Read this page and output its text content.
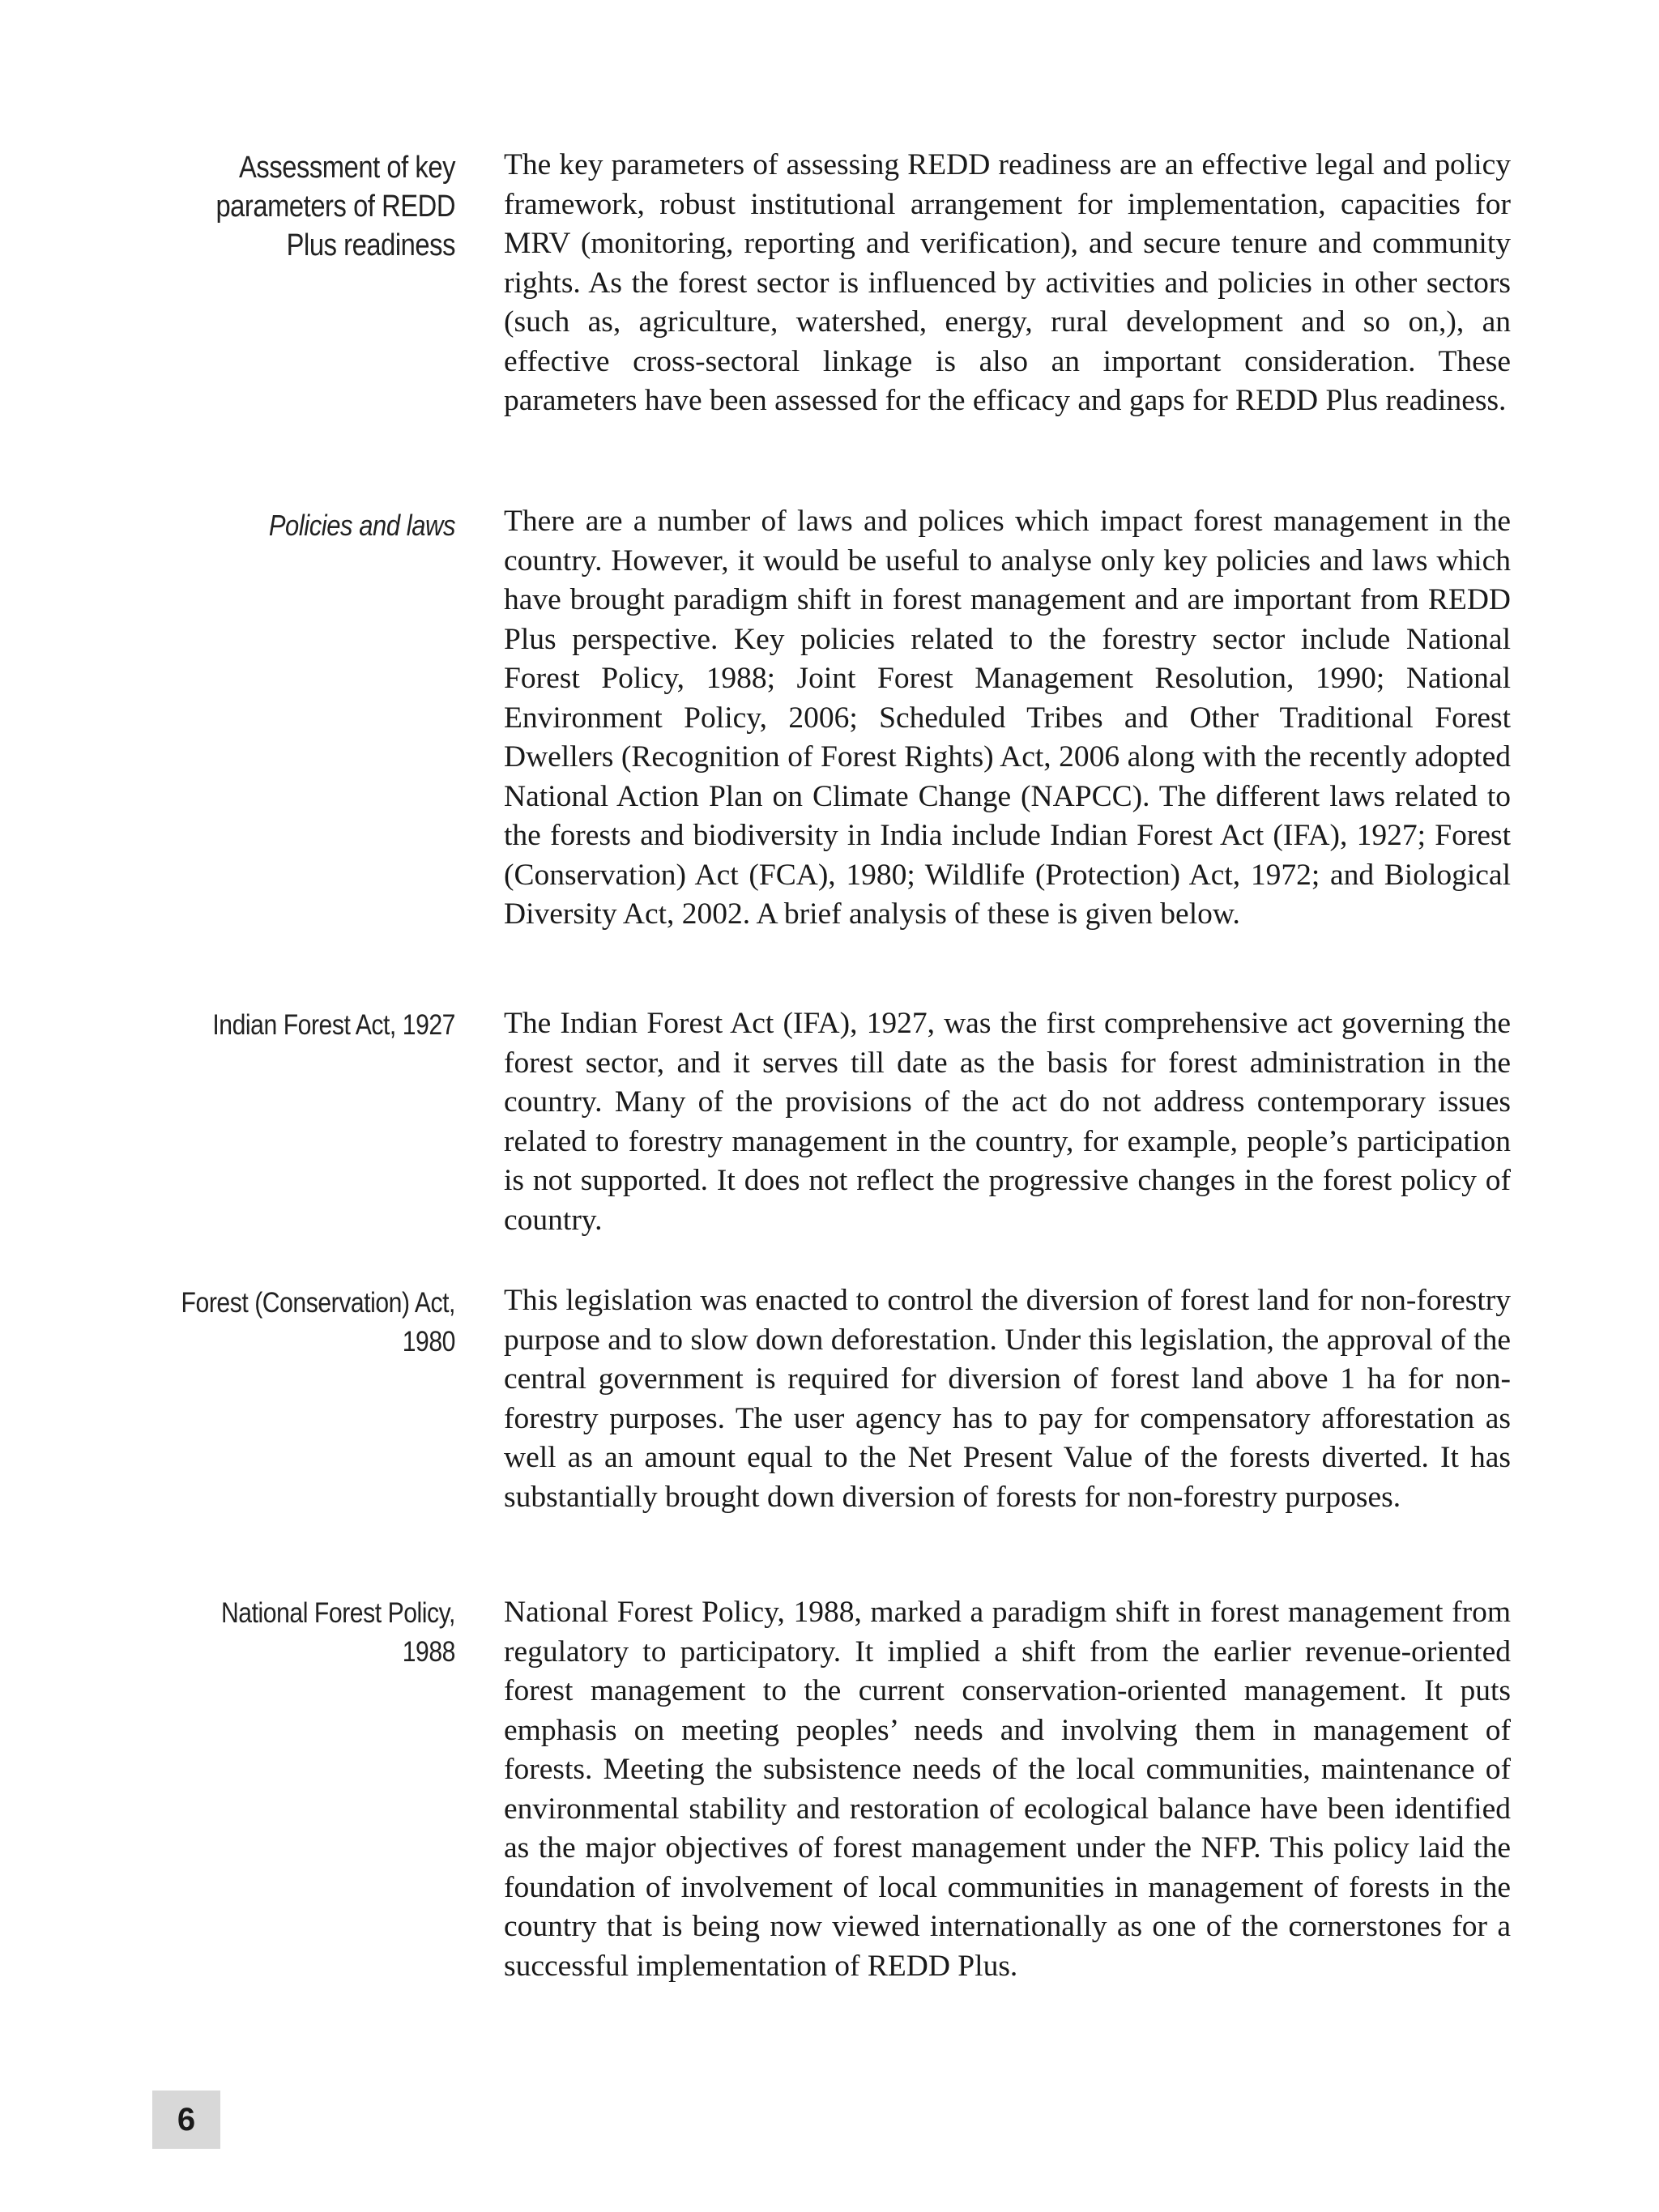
Assessment of key parameters of REDD Plus readiness

The key parameters of assessing REDD readiness are an effective legal and policy framework, robust institutional arrangement for implementation, capacities for MRV (monitoring, reporting and verification), and secure tenure and community rights. As the forest sector is influenced by activities and policies in other sectors (such as, agriculture, watershed, energy, rural development and so on,), an effective cross-sectoral linkage is also an important consideration. These parameters have been assessed for the efficacy and gaps for REDD Plus readiness.

Policies and laws There are a number of laws and polices which impact forest management in the country. However, it would be useful to analyse only key policies and laws which have brought paradigm shift in forest management and are important from REDD Plus perspective. Key policies related to the forestry sector include National Forest Policy, 1988; Joint Forest Management Resolution, 1990; National Environment Policy, 2006; Scheduled Tribes and Other Traditional Forest Dwellers (Recognition of Forest Rights) Act, 2006 along with the recently adopted National Action Plan on Climate Change (NAPCC). The different laws related to the forests and biodiversity in India include Indian Forest Act (IFA), 1927; Forest (Conservation) Act (FCA), 1980; Wildlife (Protection) Act, 1972; and Biological Diversity Act, 2002. A brief analysis of these is given below.

Indian Forest Act, 1927 The Indian Forest Act (IFA), 1927, was the first comprehensive act governing the forest sector, and it serves till date as the basis for forest administration in the country. Many of the provisions of the act do not address contemporary issues related to forestry management in the country, for example, people’s participation is not supported. It does not reflect the progressive changes in the forest policy of country.

Forest (Conservation) Act, 1980

This legislation was enacted to control the diversion of forest land for non-forestry purpose and to slow down deforestation. Under this legislation, the approval of the central government is required for diversion of forest land above 1 ha for non-forestry purposes. The user agency has to pay for compensatory afforestation as well as an amount equal to the Net Present Value of the forests diverted. It has substantially brought down diversion of forests for non-forestry purposes.

National Forest Policy, 1988

National Forest Policy, 1988, marked a paradigm shift in forest management from regulatory to participatory. It implied a shift from the earlier revenue-oriented forest management to the current conservation-oriented management. It puts emphasis on meeting peoples’ needs and involving them in management of forests. Meeting the subsistence needs of the local communities, maintenance of environmental stability and restoration of ecological balance have been identified as the major objectives of forest management under the NFP. This policy laid the foundation of involvement of local communities in management of forests in the country that is being now viewed internationally as one of the cornerstones for a successful implementation of REDD Plus.

6
